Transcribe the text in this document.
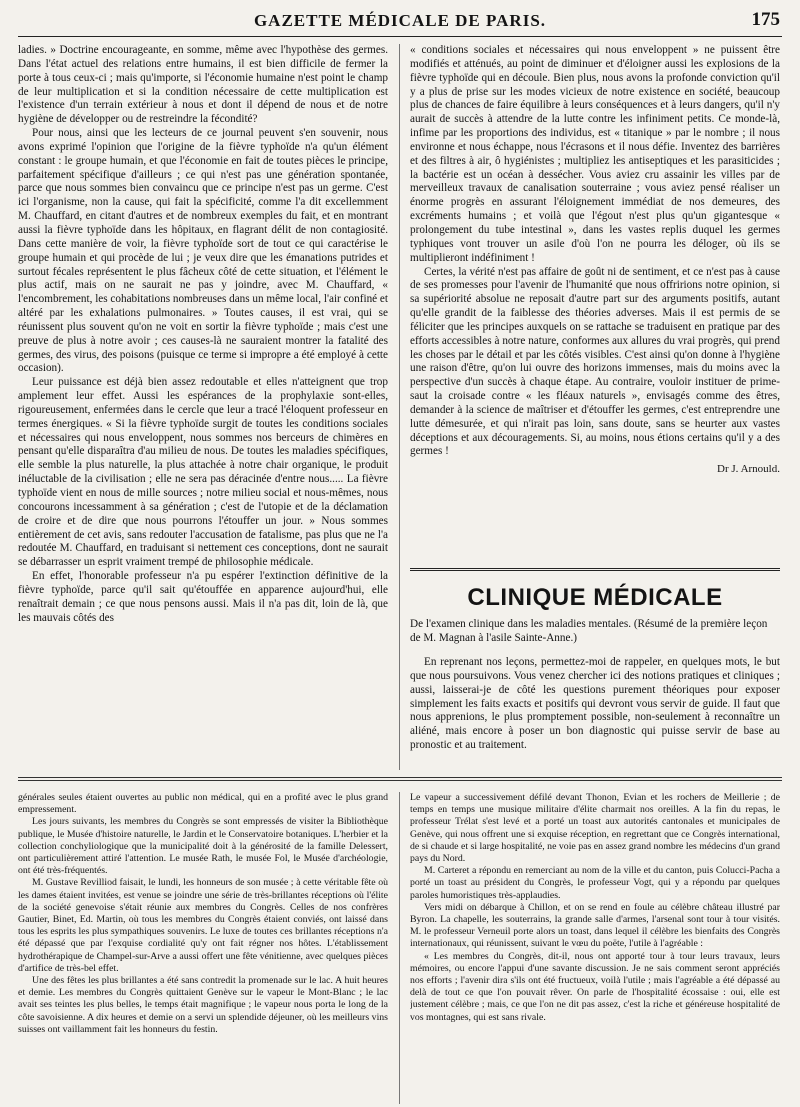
GAZETTE MÉDICALE DE PARIS.	175

ladies. » Doctrine encourageante, en somme, même avec l'hypothèse des germes. Dans l'état actuel des relations entre humains, il est bien difficile de fermer la porte à tous ceux-ci ; mais qu'importe, si l'économie humaine n'est point le champ de leur multiplication et si la condition nécessaire de cette multiplication est l'existence d'un terrain extérieur à nous et dont il dépend de nous et de notre hygiène de développer ou de restreindre la fécondité?

Pour nous, ainsi que les lecteurs de ce journal peuvent s'en souvenir, nous avons exprimé l'opinion que l'origine de la fièvre typhoïde n'a qu'un élément constant : le groupe humain, et que l'économie en fait de toutes pièces le principe, parfaitement spécifique d'ailleurs ; ce qui n'est pas une génération spontanée, parce que nous sommes bien convaincu que ce principe n'est pas un germe. C'est ici l'organisme, non la cause, qui fait la spécificité, comme l'a dit excellemment M. Chauffard, en citant d'autres et de nombreux exemples du fait, et en montrant aussi la fièvre typhoïde dans les hôpitaux, en flagrant délit de non contagiosité. Dans cette manière de voir, la fièvre typhoïde sort de tout ce qui caractérise le groupe humain et qui procède de lui ; je veux dire que les émanations putrides et surtout fécales représentent le plus fâcheux côté de cette situation, et l'élément le plus actif, mais on ne saurait ne pas y joindre, avec M. Chauffard, « l'encombrement, les cohabitations nombreuses dans un même local, l'air confiné et altéré par les exhalations pulmonaires. » Toutes causes, il est vrai, qui se réunissent plus souvent qu'on ne voit en sortir la fièvre typhoïde ; mais c'est une preuve de plus à notre avoir ; ces causes-là ne sauraient montrer la fatalité des germes, des virus, des poisons (puisque ce terme si impropre a été employé à cette occasion).

Leur puissance est déjà bien assez redoutable et elles n'atteignent que trop amplement leur effet. Aussi les espérances de la prophylaxie sont-elles, rigoureusement, enfermées dans le cercle que leur a tracé l'éloquent professeur en termes énergiques. « Si la fièvre typhoïde surgit de toutes les conditions sociales et nécessaires qui nous enveloppent, nous sommes nos berceurs de chimères en pensant qu'elle disparaîtra d'au milieu de nous. De toutes les maladies spécifiques, elle semble la plus naturelle, la plus attachée à notre chair organique, le produit inéluctable de la civilisation ; elle ne sera pas déracinée d'entre nous..... La fièvre typhoïde vient en nous de mille sources ; notre milieu social et nous-mêmes, nous concourons incessamment à sa génération ; c'est de l'utopie et de la déclamation de croire et de dire que nous pourrons l'étouffer un jour. » Nous sommes entièrement de cet avis, sans redouter l'accusation de fatalisme, pas plus que ne l'a redoutée M. Chauffard, en traduisant si nettement ces conceptions, dont ne saurait se débarrasser un esprit vraiment trempé de philosophie médicale.

En effet, l'honorable professeur n'a pu espérer l'extinction définitive de la fièvre typhoïde, parce qu'il sait qu'étouffée en apparence aujourd'hui, elle renaîtrait demain ; ce que nous pensons aussi. Mais il n'a pas dit, loin de là, que les mauvais côtés des

« conditions sociales et nécessaires qui nous enveloppent » ne puissent être modifiés et atténués, au point de diminuer et d'éloigner aussi les explosions de la fièvre typhoïde qui en découle. Bien plus, nous avons la profonde conviction qu'il y a plus de prise sur les modes vicieux de notre existence en société, beaucoup plus de chances de faire équilibre à leurs conséquences et à leurs dangers, qu'il n'y aurait de succès à attendre de la lutte contre les infiniment petits. Ce monde-là, infime par les proportions des individus, est « titanique » par le nombre ; il nous environne et nous échappe, nous l'écrasons et il nous défie. Inventez des barrières et des filtres à air, ô hygiénistes ; multipliez les antiseptiques et les parasiticides ; la bactérie est un océan à dessécher. Vous aviez cru assainir les villes par de merveilleux travaux de canalisation souterraine ; vous aviez pensé réaliser un énorme progrès en assurant l'éloignement immédiat de nos demeures, des excréments humains ; et voilà que l'égout n'est plus qu'un gigantesque « prolongement du tube intestinal », dans les vastes replis duquel les germes typhiques vont trouver un asile d'où l'on ne pourra les déloger, où ils se multiplieront indéfiniment !

Certes, la vérité n'est pas affaire de goût ni de sentiment, et ce n'est pas à cause de ses promesses pour l'avenir de l'humanité que nous offririons notre opinion, si sa supériorité absolue ne reposait d'autre part sur des arguments positifs, autant qu'elle grandit de la faiblesse des théories adverses. Mais il est permis de se féliciter que les principes auxquels on se rattache se traduisent en pratique par des efforts accessibles à notre nature, conformes aux allures du vrai progrès, qui prend les choses par le détail et par les côtés visibles. C'est ainsi qu'on donne à l'hygiène une raison d'être, qu'on lui ouvre des horizons immenses, mais du moins avec la perspective d'un succès à chaque étape. Au contraire, vouloir instituer de prime-saut la croisade contre « les fléaux naturels », envisagés comme des êtres, demander à la science de maîtriser et d'étouffer les germes, c'est entreprendre une lutte démesurée, et qui n'irait pas loin, sans doute, sans se heurter aux vastes déceptions et aux découragements. Si, au moins, nous étions certains qu'il y a des germes !

Dr J. Arnould.
CLINIQUE MÉDICALE
De l'examen clinique dans les maladies mentales. (Résumé de la première leçon de M. Magnan à l'asile Sainte-Anne.)

En reprenant nos leçons, permettez-moi de rappeler, en quelques mots, le but que nous poursuivons. Vous venez chercher ici des notions pratiques et cliniques ; aussi, laisserai-je de côté les questions purement théoriques pour exposer simplement les faits exacts et positifs qui devront vous servir de guide. Il faut que nous apprenions, le plus promptement possible, non-seulement à reconnaître un aliéné, mais encore à poser un bon diagnostic qui puisse servir de base au pronostic et au traitement.

générales seules étaient ouvertes au public non médical, qui en a profité avec le plus grand empressement.

Les jours suivants, les membres du Congrès se sont empressés de visiter la Bibliothèque publique, le Musée d'histoire naturelle, le Jardin et le Conservatoire botaniques. L'herbier et la collection conchyliologique que la municipalité doit à la générosité de la famille Delessert, ont particulièrement attiré l'attention. Le musée Rath, le musée Fol, le Musée d'archéologie, ont été très-fréquentés.

M. Gustave Revilliod faisait, le lundi, les honneurs de son musée ; à cette véritable fête où les dames étaient invitées, est venue se joindre une série de très-brillantes réceptions où l'élite de la société genevoise s'était réunie aux membres du Congrès. Celles de nos confrères Gautier, Binet, Ed. Martin, où tous les membres du Congrès étaient conviés, ont laissé dans tous les esprits les plus sympathiques souvenirs. Le luxe de toutes ces brillantes réceptions n'a été dépassé que par l'exquise cordialité qu'y ont fait régner nos hôtes. L'établissement hydrothérapique de Champel-sur-Arve a aussi offert une fête vénitienne, avec quelques pièces d'artifice de très-bel effet.

Une des fêtes les plus brillantes a été sans contredit la promenade sur le lac. A huit heures et demie. Les membres du Congrès quittaient Genève sur le vapeur le Mont-Blanc ; le lac avait ses teintes les plus belles, le temps était magnifique ; le vapeur nous porta le long de la côte savoisienne. A dix heures et demie on a servi un splendide déjeuner, où les meilleurs vins suisses ont vaillamment fait les honneurs du festin.

Le vapeur a successivement défilé devant Thonon, Evian et les rochers de Meillerie ; de temps en temps une musique militaire d'élite charmait nos oreilles. A la fin du repas, le professeur Trélat s'est levé et a porté un toast aux autorités cantonales et municipales de Genève, qui nous offrent une si exquise réception, en regrettant que ce Congrès international, de si chaude et si large hospitalité, ne voie pas en assez grand nombre les médecins d'un grand pays du Nord.

M. Carteret a répondu en remerciant au nom de la ville et du canton, puis Colucci-Pacha a porté un toast au président du Congrès, le professeur Vogt, qui y a répondu par quelques paroles humoristiques très-applaudies.

Vers midi on débarque à Chillon, et on se rend en foule au célèbre château illustré par Byron. La chapelle, les souterrains, la grande salle d'armes, l'arsenal sont tour à tour visités. M. le professeur Verneuil porte alors un toast, dans lequel il célèbre les bienfaits des Congrès internationaux, qui réunissent, suivant le vœu du poëte, l'utile à l'agréable :

« Les membres du Congrès, dit-il, nous ont apporté tour à tour leurs travaux, leurs mémoires, ou encore l'appui d'une savante discussion. Je ne sais comment seront appréciés nos efforts ; l'avenir dira s'ils ont été fructueux, voilà l'utile ; mais l'agréable a été dépassé au delà de tout ce que l'on pouvait rêver. On parle de l'hospitalité écossaise : oui, elle est justement célèbre ; mais, ce que l'on ne dit pas assez, c'est la riche et généreuse hospitalité de vos montagnes, qui est sans rivale.
